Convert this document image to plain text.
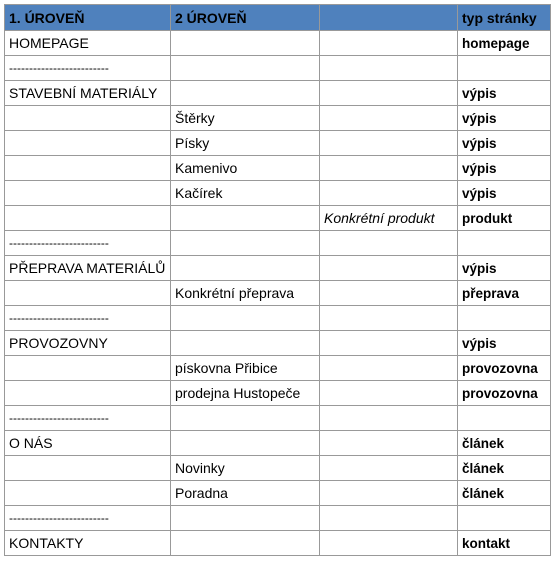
1. ÚROVEŇ	2 ÚROVEŇ		typ stránky
HOMEPAGE			homepage
-------------------------			
STAVEBNÍ MATERIÁLY			výpis
	Štěrky		výpis
	Písky		výpis
	Kamenivo		výpis
	Kačírek		výpis
		Konkrétní produkt	produkt
-------------------------			
PŘEPRAVA MATERIÁLŮ			výpis
	Konkrétní přeprava		přeprava
-------------------------			
PROVOZOVNY			výpis
	pískovna Přibice		provozovna
	prodejna Hustopeče		provozovna
-------------------------			
O NÁS			článek
	Novinky		článek
	Poradna		článek
-------------------------			
KONTAKTY			kontakt
